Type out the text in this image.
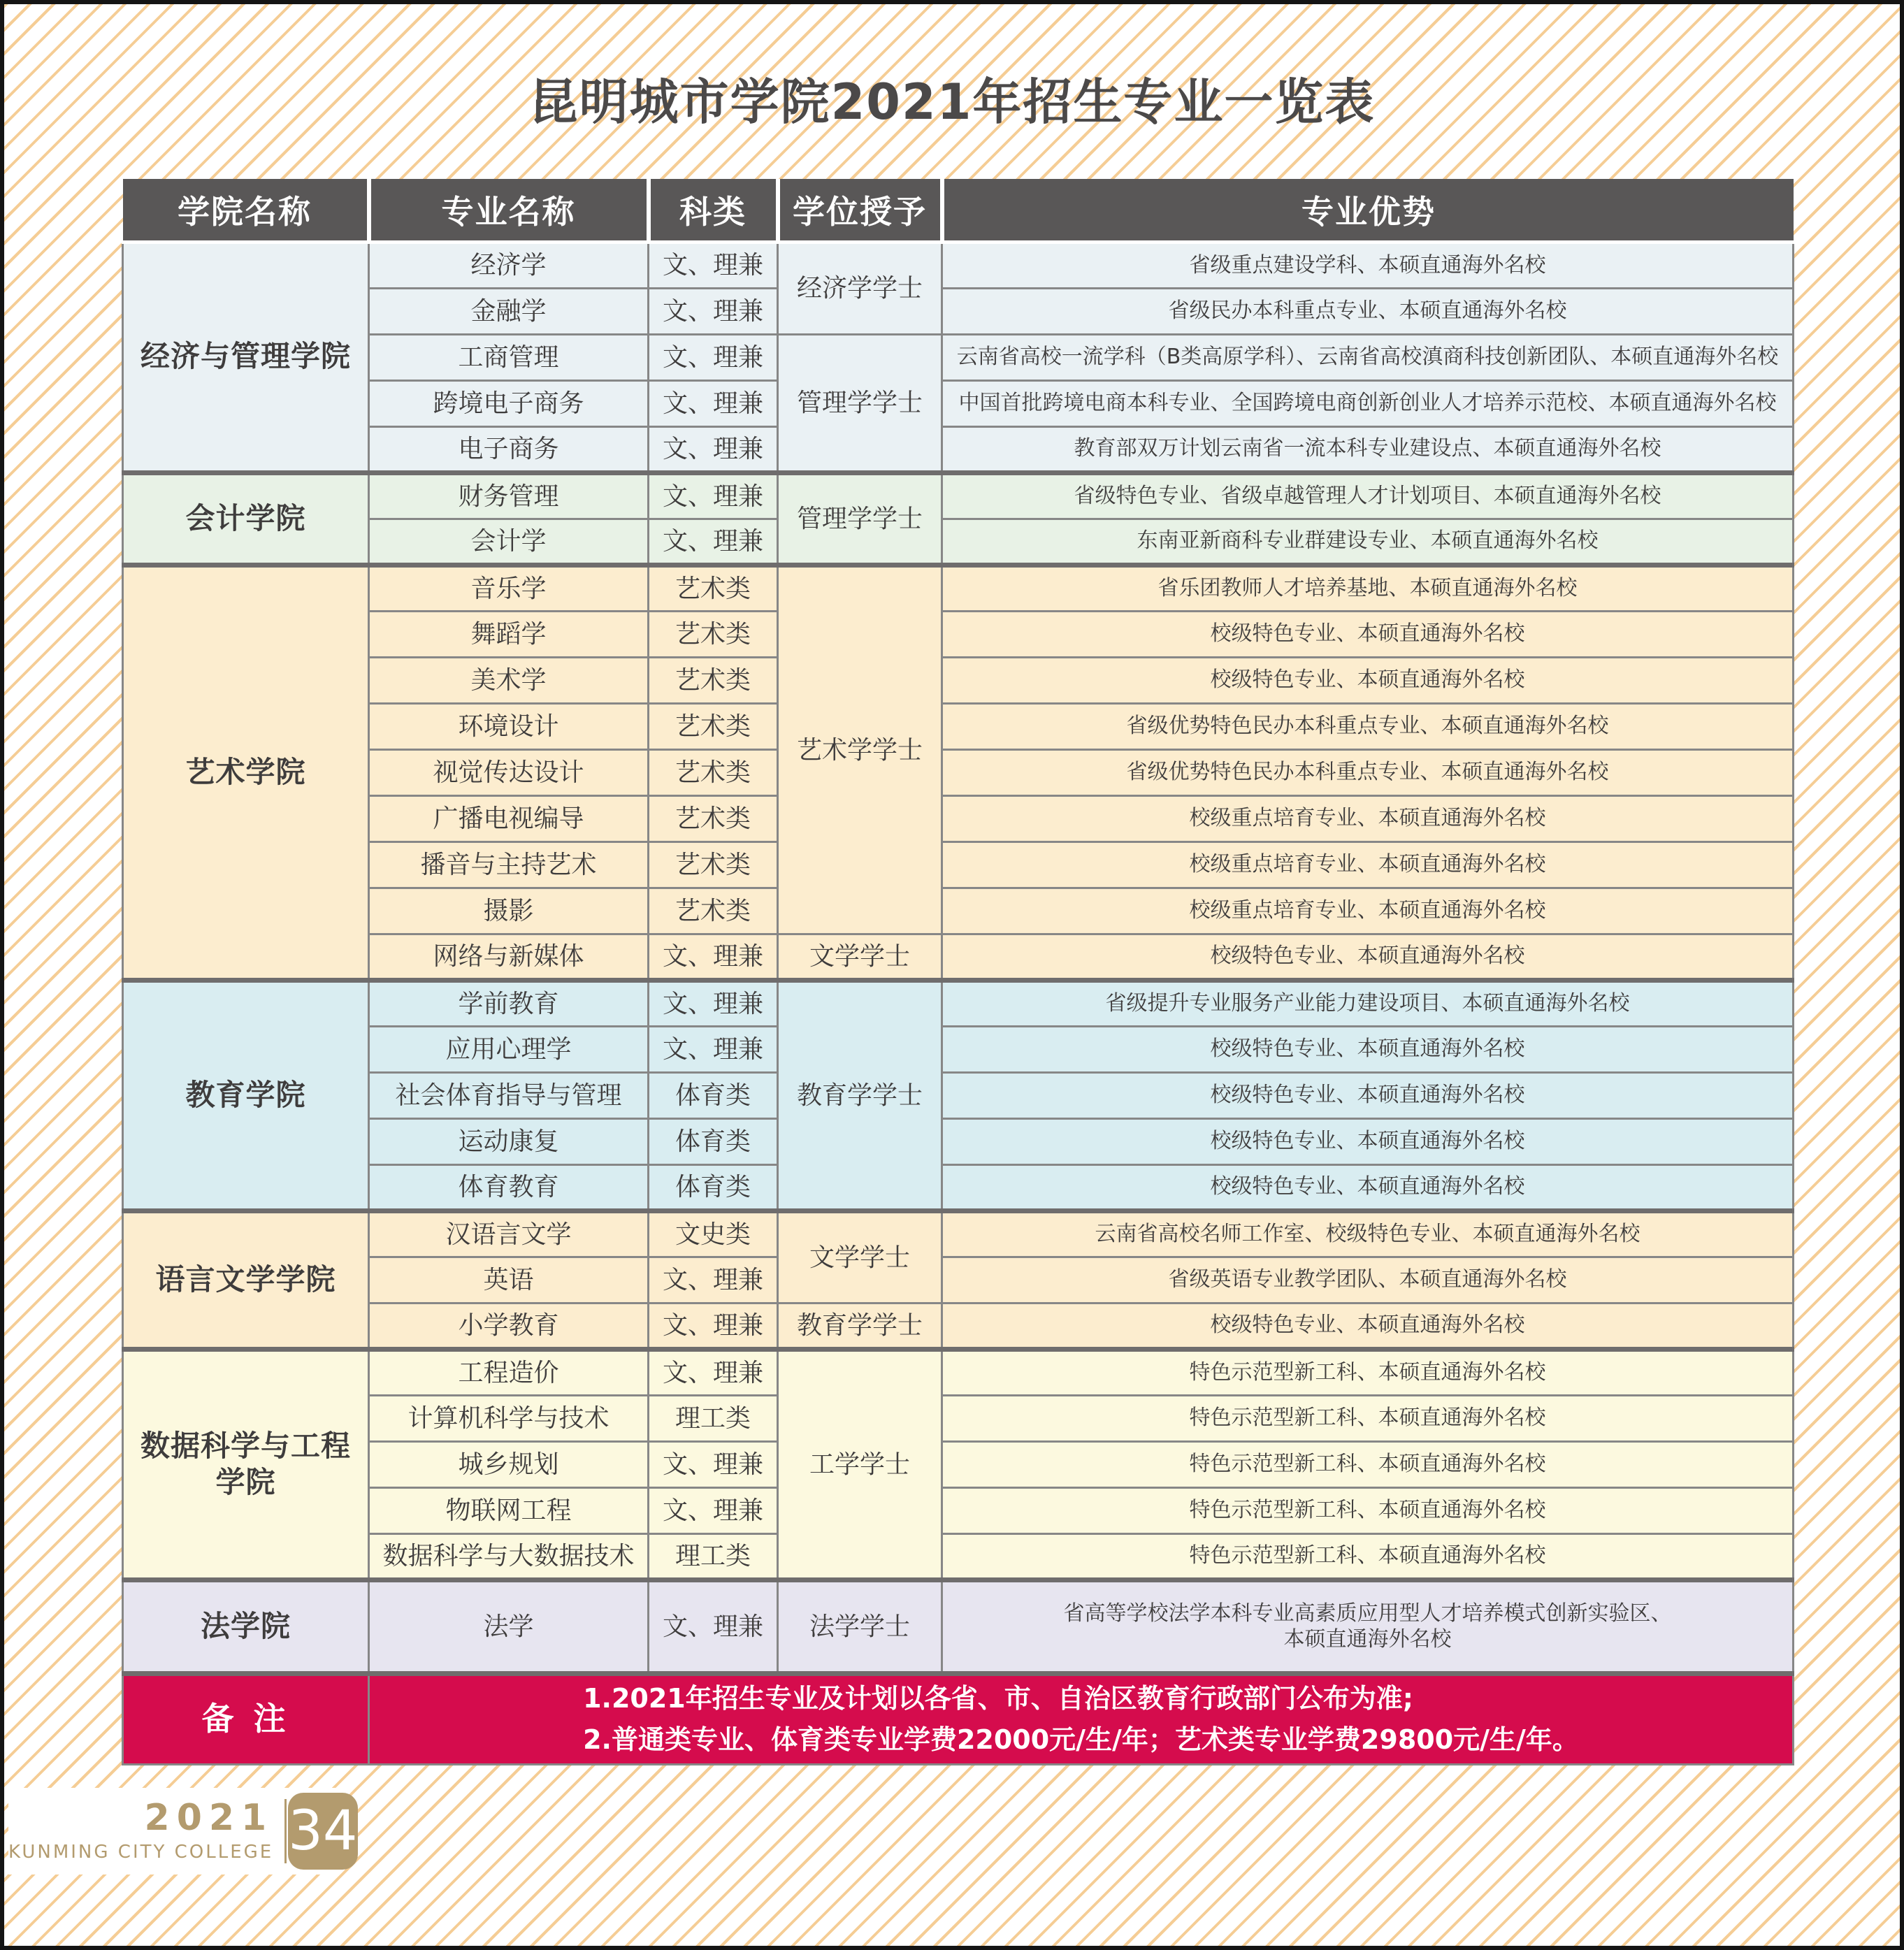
昆明城市学院2021年招生专业一览表
学院名称	专业名称	科类	学位授予	专业优势
经济与管理学院	经济学	文、理兼	经济学学士	省级重点建设学科、本硕直通海外名校
	金融学	文、理兼		省级民办本科重点专业、本硕直通海外名校
	工商管理	文、理兼	管理学学士	云南省高校一流学科（B类高原学科）、云南省高校滇商科技创新团队、本硕直通海外名校
	跨境电子商务	文、理兼		中国首批跨境电商本科专业、全国跨境电商创新创业人才培养示范校、本硕直通海外名校
	电子商务	文、理兼		教育部双万计划云南省一流本科专业建设点、本硕直通海外名校
会计学院	财务管理	文、理兼	管理学学士	省级特色专业、省级卓越管理人才计划项目、本硕直通海外名校
	会计学	文、理兼		东南亚新商科专业群建设专业、本硕直通海外名校
艺术学院	音乐学	艺术类	艺术学学士	省乐团教师人才培养基地、本硕直通海外名校
	舞蹈学	艺术类		校级特色专业、本硕直通海外名校
	美术学	艺术类		校级特色专业、本硕直通海外名校
	环境设计	艺术类		省级优势特色民办本科重点专业、本硕直通海外名校
	视觉传达设计	艺术类		省级优势特色民办本科重点专业、本硕直通海外名校
	广播电视编导	艺术类		校级重点培育专业、本硕直通海外名校
	播音与主持艺术	艺术类		校级重点培育专业、本硕直通海外名校
	摄影	艺术类		校级重点培育专业、本硕直通海外名校
	网络与新媒体	文、理兼	文学学士	校级特色专业、本硕直通海外名校
教育学院	学前教育	文、理兼	教育学学士	省级提升专业服务产业能力建设项目、本硕直通海外名校
	应用心理学	文、理兼		校级特色专业、本硕直通海外名校
	社会体育指导与管理	体育类		校级特色专业、本硕直通海外名校
	运动康复	体育类		校级特色专业、本硕直通海外名校
	体育教育	体育类		校级特色专业、本硕直通海外名校
语言文学学院	汉语言文学	文史类	文学学士	云南省高校名师工作室、校级特色专业、本硕直通海外名校
	英语	文、理兼		省级英语专业教学团队、本硕直通海外名校
	小学教育	文、理兼	教育学学士	校级特色专业、本硕直通海外名校
数据科学与工程学院	工程造价	文、理兼	工学学士	特色示范型新工科、本硕直通海外名校
	计算机科学与技术	理工类		特色示范型新工科、本硕直通海外名校
	城乡规划	文、理兼		特色示范型新工科、本硕直通海外名校
	物联网工程	文、理兼		特色示范型新工科、本硕直通海外名校
	数据科学与大数据技术	理工类		特色示范型新工科、本硕直通海外名校
法学院	法学	文、理兼	法学学士	省高等学校法学本科专业高素质应用型人才培养模式创新实验区、
本硕直通海外名校
备 注	1.2021年招生专业及计划以各省、市、自治区教育行政部门公布为准;
2.普通类专业、体育类专业学费22000元/生/年；艺术类专业学费29800元/生/年。			
2021
KUNMING CITY COLLEGE 34
